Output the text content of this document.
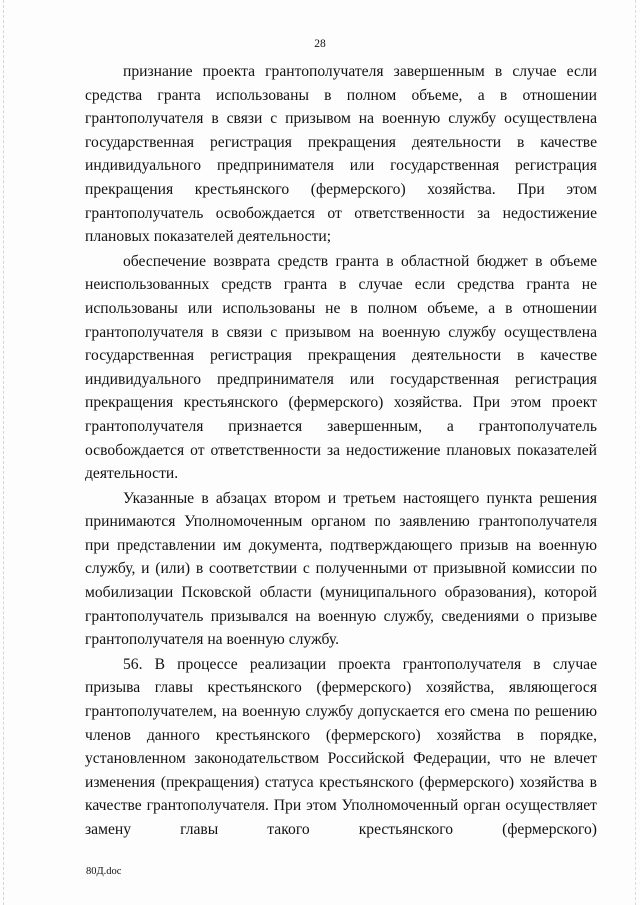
28

признание проекта грантополучателя завершенным в случае если средства гранта использованы в полном объеме, а в отношении грантополучателя в связи с призывом на военную службу осуществлена государственная регистрация прекращения деятельности в качестве индивидуального предпринимателя или государственная регистрация прекращения крестьянского (фермерского) хозяйства. При этом грантополучатель освобождается от ответственности за недостижение плановых показателей деятельности;

обеспечение возврата средств гранта в областной бюджет в объеме неиспользованных средств гранта в случае если средства гранта не использованы или использованы не в полном объеме, а в отношении грантополучателя в связи с призывом на военную службу осуществлена государственная регистрация прекращения деятельности в качестве индивидуального предпринимателя или государственная регистрация прекращения крестьянского (фермерского) хозяйства. При этом проект грантополучателя признается завершенным, а грантополучатель освобождается от ответственности за недостижение плановых показателей деятельности.

Указанные в абзацах втором и третьем настоящего пункта решения принимаются Уполномоченным органом по заявлению грантополучателя при представлении им документа, подтверждающего призыв на военную службу, и (или) в соответствии с полученными от призывной комиссии по мобилизации Псковской области (муниципального образования), которой грантополучатель призывался на военную службу, сведениями о призыве грантополучателя на военную службу.

56. В процессе реализации проекта грантополучателя в случае призыва главы крестьянского (фермерского) хозяйства, являющегося грантополучателем, на военную службу допускается его смена по решению членов данного крестьянского (фермерского) хозяйства в порядке, установленном законодательством Российской Федерации, что не влечет изменения (прекращения) статуса крестьянского (фермерского) хозяйства в качестве грантополучателя. При этом Уполномоченный орган осуществляет замену главы такого крестьянского (фермерского)

80Д.doc
